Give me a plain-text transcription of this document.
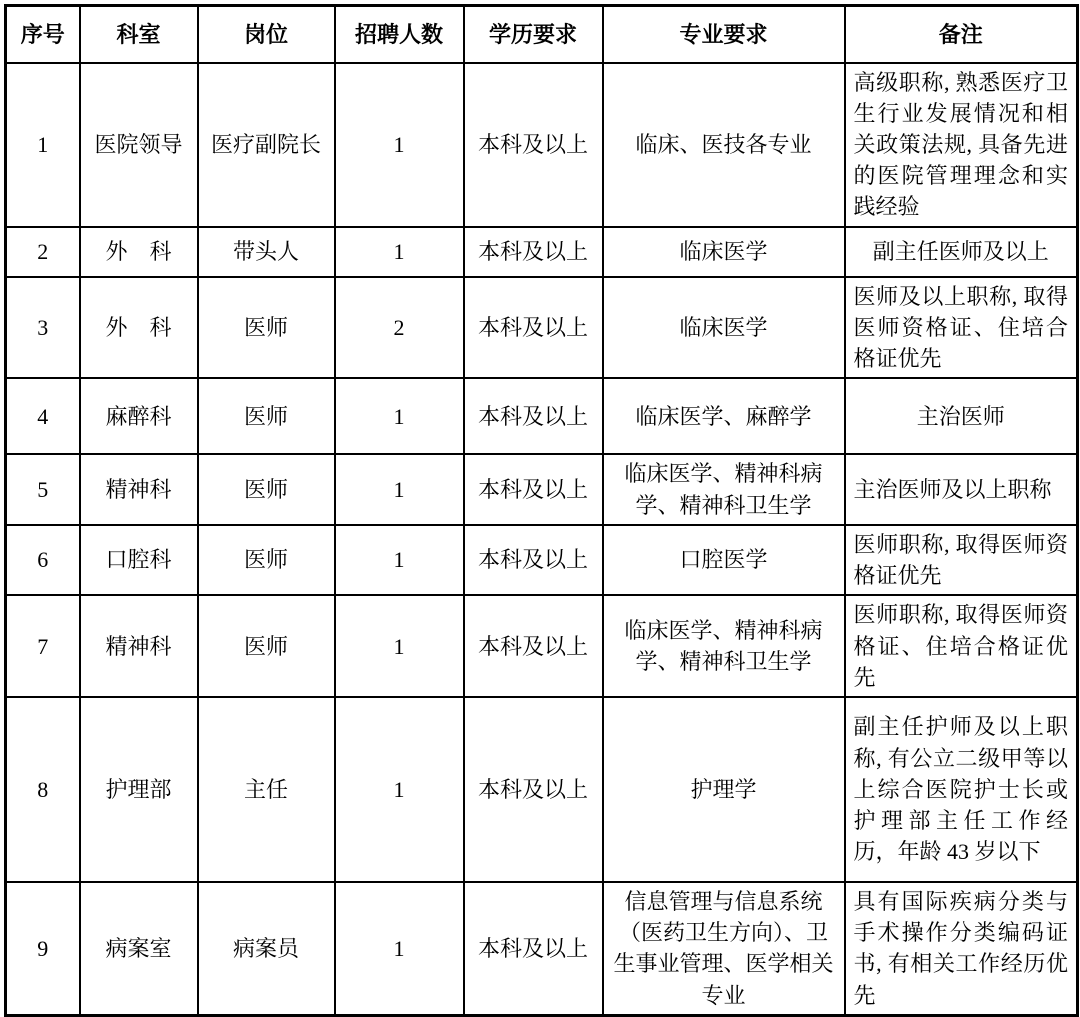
序号	科室	岗位	招聘人数	学历要求	专业要求	备注
1	医院领导	医疗副院长	1	本科及以上	临床、医技各专业	高级职称, 熟悉医疗卫生行业发展情况和相关政策法规, 具备先进的医院管理理念和实践经验
2	外　科	带头人	1	本科及以上	临床医学	副主任医师及以上
3	外　科	医师	2	本科及以上	临床医学	医师及以上职称, 取得医师资格证、住培合格证优先
4	麻醉科	医师	1	本科及以上	临床医学、麻醉学	主治医师
5	精神科	医师	1	本科及以上	临床医学、精神科病学、精神科卫生学	主治医师及以上职称
6	口腔科	医师	1	本科及以上	口腔医学	医师职称, 取得医师资格证优先
7	精神科	医师	1	本科及以上	临床医学、精神科病学、精神科卫生学	医师职称, 取得医师资格证、住培合格证优先
8	护理部	主任	1	本科及以上	护理学	副主任护师及以上职称, 有公立二级甲等以上综合医院护士长或护理部主任工作经历，年龄 43 岁以下
9	病案室	病案员	1	本科及以上	信息管理与信息系统（医药卫生方向）、卫生事业管理、医学相关专业	具有国际疾病分类与手术操作分类编码证书, 有相关工作经历优先
